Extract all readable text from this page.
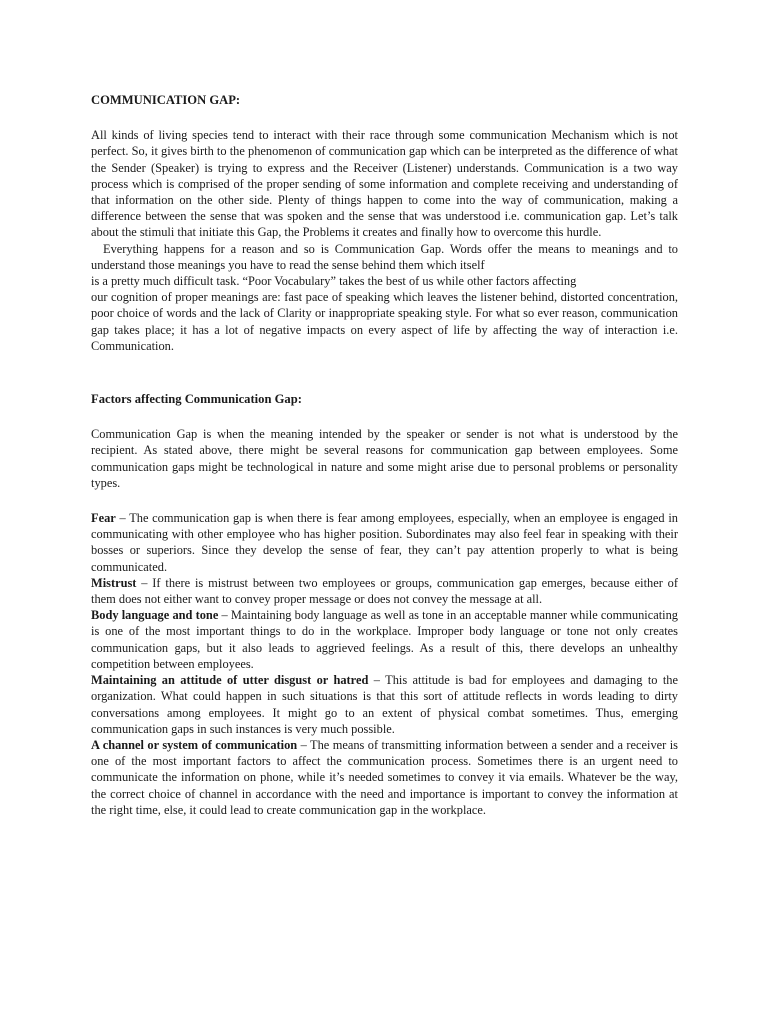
COMMUNICATION GAP:

All kinds of living species tend to interact with their race through some communication Mechanism which is not perfect. So, it gives birth to the phenomenon of communication gap which can be interpreted as the difference of what the Sender (Speaker) is trying to express and the Receiver (Listener) understands. Communication is a two way process which is comprised of the proper sending of some information and complete receiving and understanding of that information on the other side. Plenty of things happen to come into the way of communication, making a difference between the sense that was spoken and the sense that was understood i.e. communication gap. Let’s talk about the stimuli that initiate this Gap, the Problems it creates and finally how to overcome this hurdle.

Everything happens for a reason and so is Communication Gap. Words offer the means to meanings and to understand those meanings you have to read the sense behind them which itself

is a pretty much difficult task. “Poor Vocabulary” takes the best of us while other factors affecting

our cognition of proper meanings are: fast pace of speaking which leaves the listener behind, distorted concentration, poor choice of words and the lack of Clarity or inappropriate speaking style. For what so ever reason, communication gap takes place; it has a lot of negative impacts on every aspect of life by affecting the way of interaction i.e. Communication.

Factors affecting Communication Gap:

Communication Gap is when the meaning intended by the speaker or sender is not what is understood by the recipient. As stated above, there might be several reasons for communication gap between employees. Some communication gaps might be technological in nature and some might arise due to personal problems or personality types.

Fear – The communication gap is when there is fear among employees, especially, when an employee is engaged in communicating with other employee who has higher position. Subordinates may also feel fear in speaking with their bosses or superiors. Since they develop the sense of fear, they can’t pay attention properly to what is being communicated.

Mistrust – If there is mistrust between two employees or groups, communication gap emerges, because either of them does not either want to convey proper message or does not convey the message at all.

Body language and tone – Maintaining body language as well as tone in an acceptable manner while communicating is one of the most important things to do in the workplace. Improper body language or tone not only creates communication gaps, but it also leads to aggrieved feelings. As a result of this, there develops an unhealthy competition between employees.

Maintaining an attitude of utter disgust or hatred – This attitude is bad for employees and damaging to the organization. What could happen in such situations is that this sort of attitude reflects in words leading to dirty conversations among employees. It might go to an extent of physical combat sometimes. Thus, emerging communication gaps in such instances is very much possible.

A channel or system of communication – The means of transmitting information between a sender and a receiver is one of the most important factors to affect the communication process. Sometimes there is an urgent need to communicate the information on phone, while it’s needed sometimes to convey it via emails. Whatever be the way, the correct choice of channel in accordance with the need and importance is important to convey the information at the right time, else, it could lead to create communication gap in the workplace.
